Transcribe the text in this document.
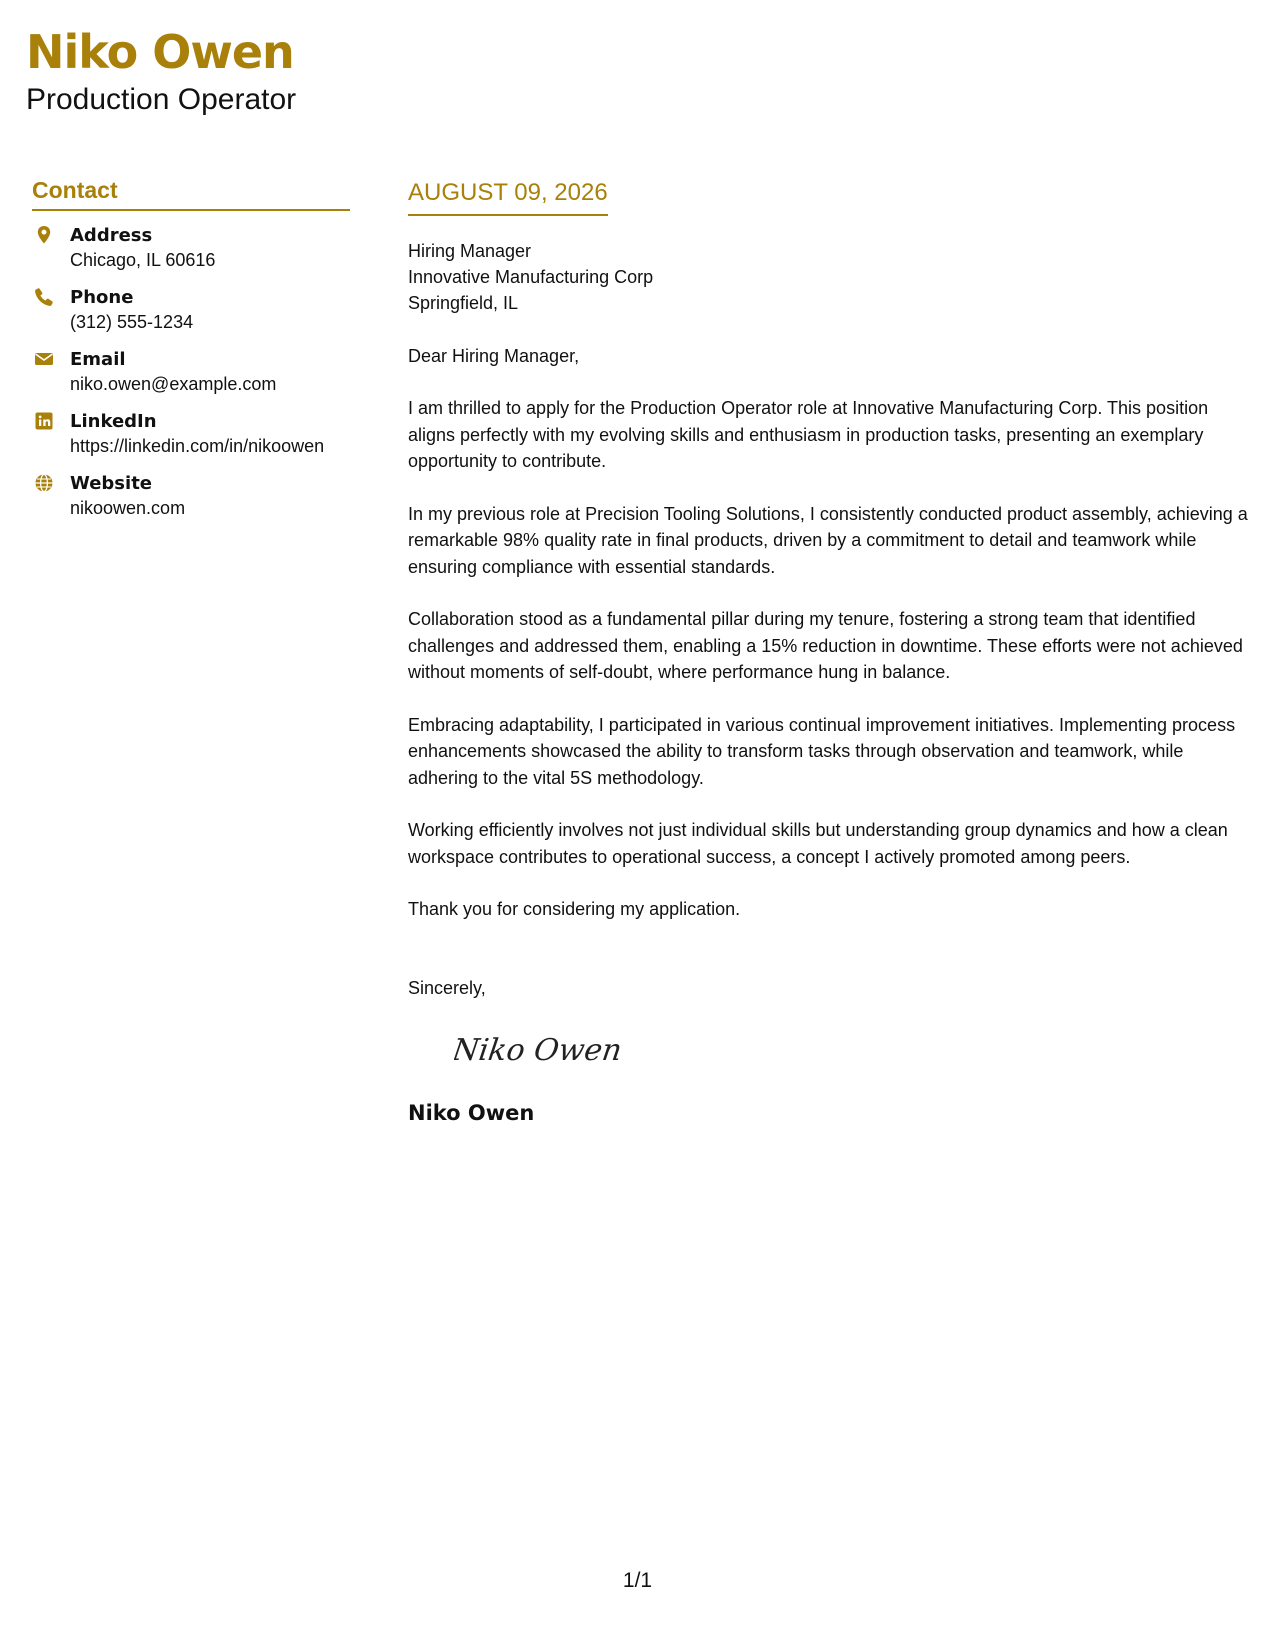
Niko Owen
Production Operator
Contact
Address
Chicago, IL 60616
Phone
(312) 555-1234
Email
niko.owen@example.com
LinkedIn
https://linkedin.com/in/nikoowen
Website
nikoowen.com
AUGUST 09, 2026
Hiring Manager
Innovative Manufacturing Corp
Springfield, IL
Dear Hiring Manager,
I am thrilled to apply for the Production Operator role at Innovative Manufacturing Corp. This position aligns perfectly with my evolving skills and enthusiasm in production tasks, presenting an exemplary opportunity to contribute.
In my previous role at Precision Tooling Solutions, I consistently conducted product assembly, achieving a remarkable 98% quality rate in final products, driven by a commitment to detail and teamwork while ensuring compliance with essential standards.
Collaboration stood as a fundamental pillar during my tenure, fostering a strong team that identified challenges and addressed them, enabling a 15% reduction in downtime. These efforts were not achieved without moments of self-doubt, where performance hung in balance.
Embracing adaptability, I participated in various continual improvement initiatives. Implementing process enhancements showcased the ability to transform tasks through observation and teamwork, while adhering to the vital 5S methodology.
Working efficiently involves not just individual skills but understanding group dynamics and how a clean workspace contributes to operational success, a concept I actively promoted among peers.
Thank you for considering my application.
Sincerely,
Niko Owen
Niko Owen
1/1
